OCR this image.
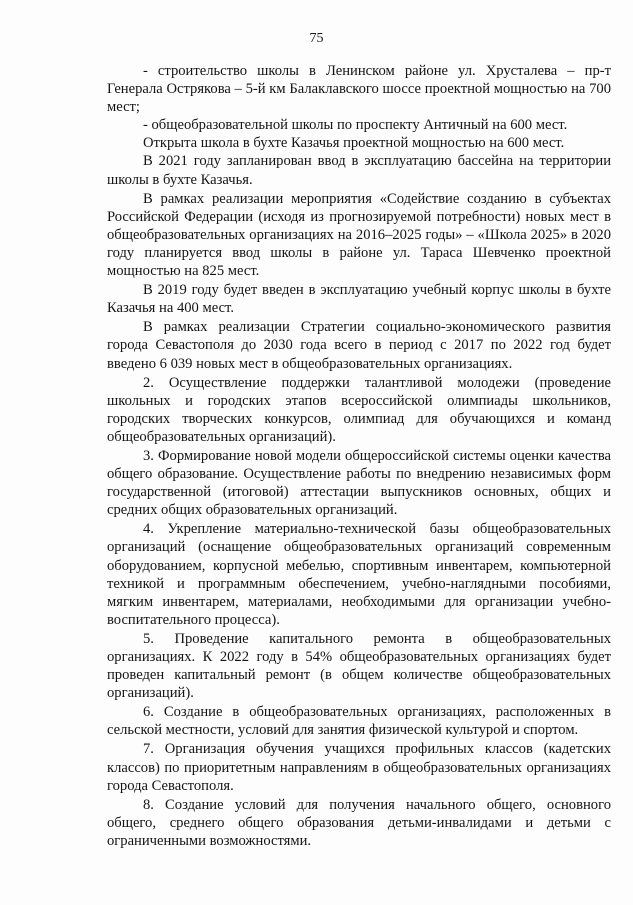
75

- строительство школы в Ленинском районе ул. Хрусталева – пр-т Генерала Острякова – 5-й км Балаклавского шоссе проектной мощностью на 700 мест;

- общеобразовательной школы по проспекту Античный на 600 мест.

Открыта школа в бухте Казачья проектной мощностью на 600 мест.

В 2021 году запланирован ввод в эксплуатацию бассейна на территории школы в бухте Казачья.

В рамках реализации мероприятия «Содействие созданию в субъектах Российской Федерации (исходя из прогнозируемой потребности) новых мест в общеобразовательных организациях на 2016–2025 годы» – «Школа 2025» в 2020 году планируется ввод школы в районе ул. Тараса Шевченко проектной мощностью на 825 мест.

В 2019 году будет введен в эксплуатацию учебный корпус школы в бухте Казачья на 400 мест.

В рамках реализации Стратегии социально-экономического развития города Севастополя до 2030 года всего в период с 2017 по 2022 год будет введено 6 039 новых мест в общеобразовательных организациях.

2. Осуществление поддержки талантливой молодежи (проведение школьных и городских этапов всероссийской олимпиады школьников, городских творческих конкурсов, олимпиад для обучающихся и команд общеобразовательных организаций).

3. Формирование новой модели общероссийской системы оценки качества общего образование. Осуществление работы по внедрению независимых форм государственной (итоговой) аттестации выпускников основных, общих и средних общих образовательных организаций.

4. Укрепление материально-технической базы общеобразовательных организаций (оснащение общеобразовательных организаций современным оборудованием, корпусной мебелью, спортивным инвентарем, компьютерной техникой и программным обеспечением, учебно-наглядными пособиями, мягким инвентарем, материалами, необходимыми для организации учебно-воспитательного процесса).

5. Проведение капитального ремонта в общеобразовательных организациях. К 2022 году в 54% общеобразовательных организациях будет проведен капитальный ремонт (в общем количестве общеобразовательных организаций).

6. Создание в общеобразовательных организациях, расположенных в сельской местности, условий для занятия физической культурой и спортом.

7. Организация обучения учащихся профильных классов (кадетских классов) по приоритетным направлениям в общеобразовательных организациях города Севастополя.

8. Создание условий для получения начального общего, основного общего, среднего общего образования детьми-инвалидами и детьми с ограниченными возможностями.
